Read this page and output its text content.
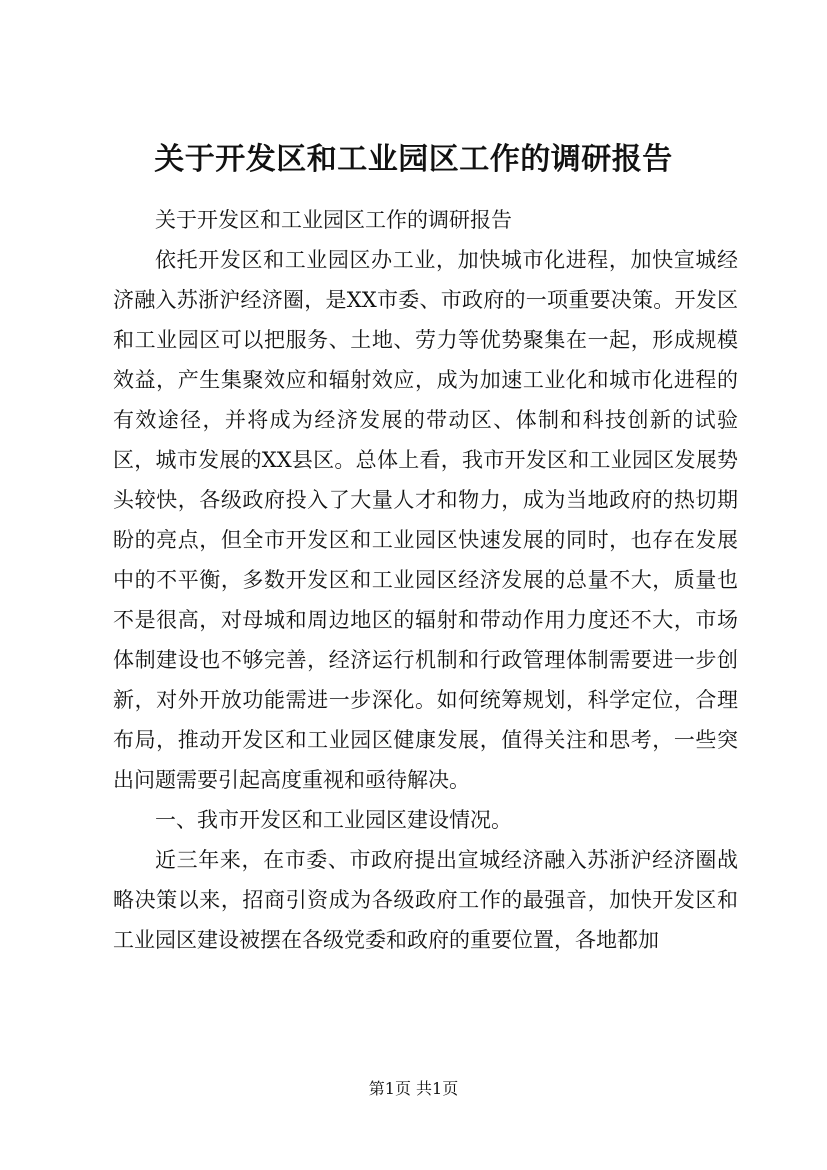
关于开发区和工业园区工作的调研报告

关于开发区和工业园区工作的调研报告

依托开发区和工业园区办工业，加快城市化进程，加快宣城经济融入苏浙沪经济圈，是XX市委、市政府的一项重要决策。开发区和工业园区可以把服务、土地、劳力等优势聚集在一起，形成规模效益，产生集聚效应和辐射效应，成为加速工业化和城市化进程的有效途径，并将成为经济发展的带动区、体制和科技创新的试验区，城市发展的XX县区。总体上看，我市开发区和工业园区发展势头较快，各级政府投入了大量人才和物力，成为当地政府的热切期盼的亮点，但全市开发区和工业园区快速发展的同时，也存在发展中的不平衡，多数开发区和工业园区经济发展的总量不大，质量也不是很高，对母城和周边地区的辐射和带动作用力度还不大，市场体制建设也不够完善，经济运行机制和行政管理体制需要进一步创新，对外开放功能需进一步深化。如何统筹规划，科学定位，合理布局，推动开发区和工业园区健康发展，值得关注和思考，一些突出问题需要引起高度重视和亟待解决。

一、我市开发区和工业园区建设情况。

近三年来，在市委、市政府提出宣城经济融入苏浙沪经济圈战略决策以来，招商引资成为各级政府工作的最强音，加快开发区和工业园区建设被摆在各级党委和政府的重要位置，各地都加

第1页 共1页
